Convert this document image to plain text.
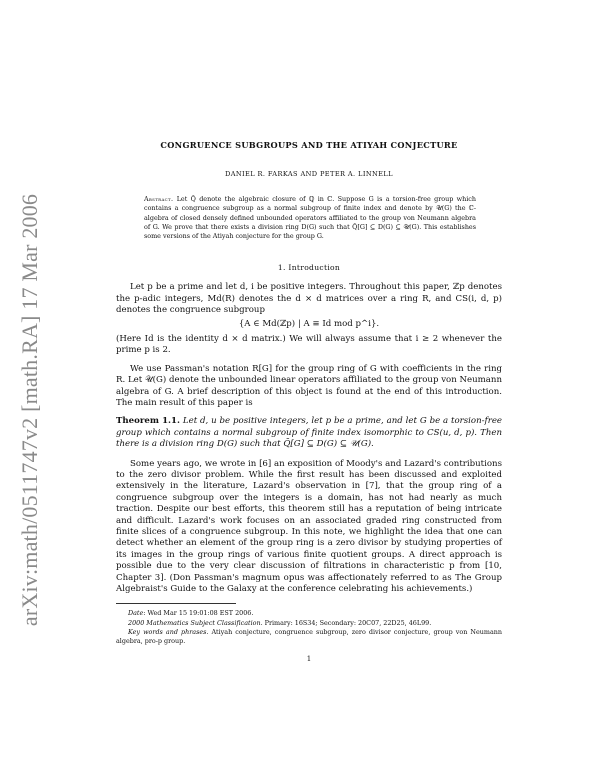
arXiv:math/0511747v2 [math.RA] 17 Mar 2006
CONGRUENCE SUBGROUPS AND THE ATIYAH CONJECTURE
DANIEL R. FARKAS AND PETER A. LINNELL
Abstract. Let Q̄ denote the algebraic closure of ℚ in ℂ. Suppose G is a torsion-free group which contains a congruence subgroup as a normal subgroup of finite index and denote by 𝒰(G) the ℂ-algebra of closed densely defined unbounded operators affiliated to the group von Neumann algebra of G. We prove that there exists a division ring D(G) such that Q̄[G] ⊆ D(G) ⊆ 𝒰(G). This establishes some versions of the Atiyah conjecture for the group G.
1. Introduction

Let p be a prime and let d, i be positive integers. Throughout this paper, ℤp denotes the p-adic integers, Md(R) denotes the d × d matrices over a ring R, and CS(i, d, p) denotes the congruence subgroup

{A ∈ Md(ℤp) | A ≡ Id mod p^i}.

(Here Id is the identity d × d matrix.) We will always assume that i ≥ 2 whenever the prime p is 2.

We use Passman's notation R[G] for the group ring of G with coefficients in the ring R. Let 𝒰(G) denote the unbounded linear operators affiliated to the group von Neumann algebra of G. A brief description of this object is found at the end of this introduction. The main result of this paper is

Theorem 1.1. Let d, u be positive integers, let p be a prime, and let G be a torsion-free group which contains a normal subgroup of finite index isomorphic to CS(u, d, p). Then there is a division ring D(G) such that Q̄[G] ⊆ D(G) ⊆ 𝒰(G).

Some years ago, we wrote in [6] an exposition of Moody's and Lazard's contributions to the zero divisor problem. While the first result has been discussed and exploited extensively in the literature, Lazard's observation in [7], that the group ring of a congruence subgroup over the integers is a domain, has not had nearly as much traction. Despite our best efforts, this theorem still has a reputation of being intricate and difficult. Lazard's work focuses on an associated graded ring constructed from finite slices of a congruence subgroup. In this note, we highlight the idea that one can detect whether an element of the group ring is a zero divisor by studying properties of its images in the group rings of various finite quotient groups. A direct approach is possible due to the very clear discussion of filtrations in characteristic p from [10, Chapter 3]. (Don Passman's magnum opus was affectionately referred to as The Group Algebraist's Guide to the Galaxy at the conference celebrating his achievements.)

Date: Wed Mar 15 19:01:08 EST 2006.

2000 Mathematics Subject Classification. Primary: 16S34; Secondary: 20C07, 22D25, 46L99.

Key words and phrases. Atiyah conjecture, congruence subgroup, zero divisor conjecture, group von Neumann algebra, pro-p group.

1
